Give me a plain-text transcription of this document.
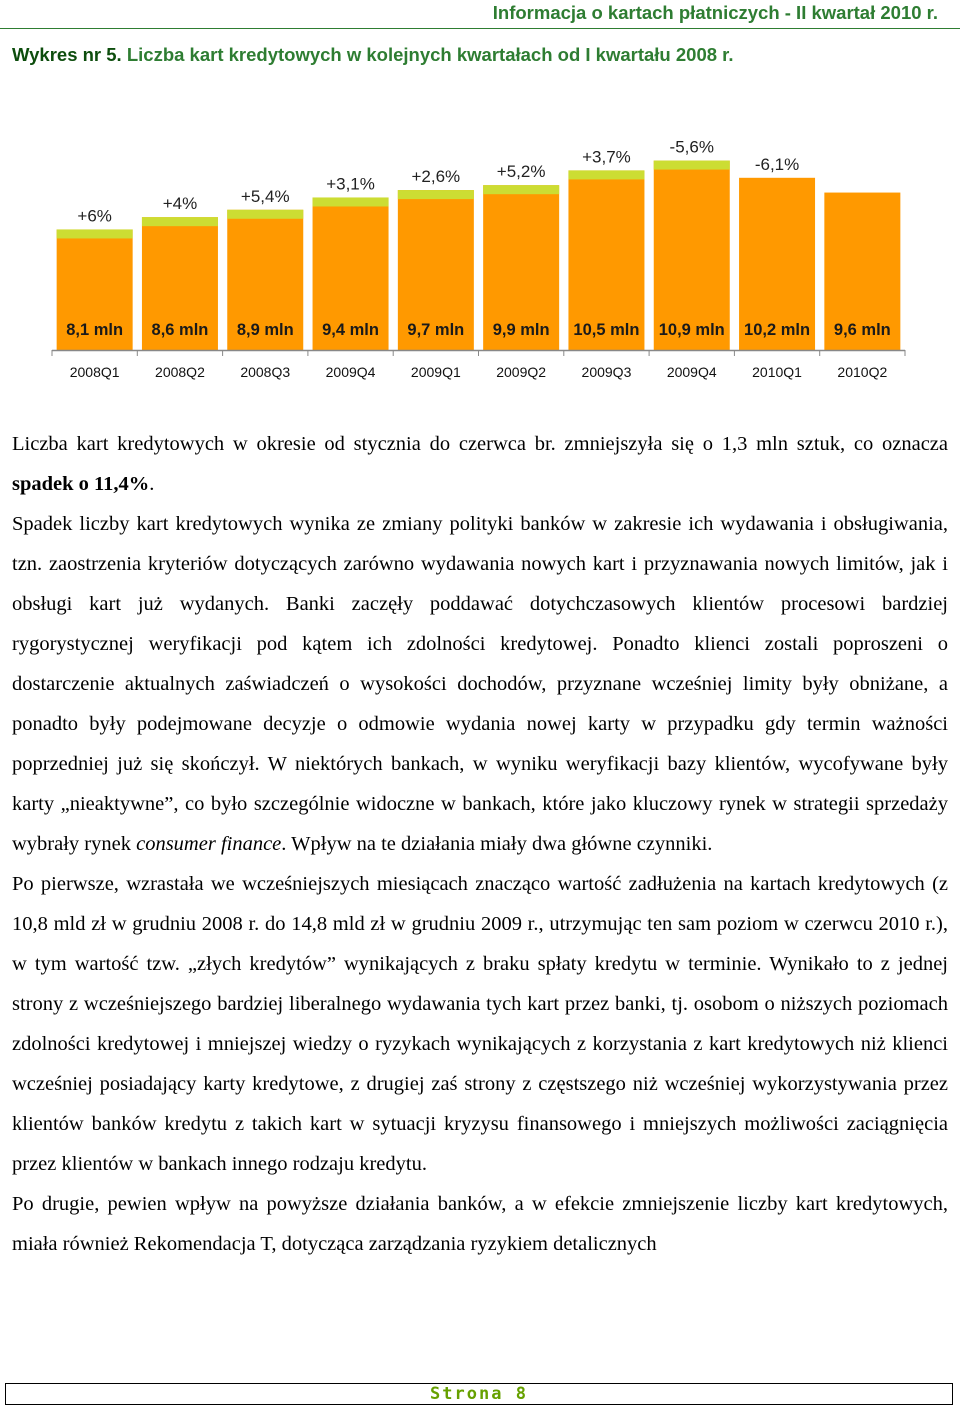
Informacja o kartach płatniczych - II kwartał 2010 r.
Wykres nr 5. Liczba kart kredytowych w kolejnych kwartałach od I kwartału 2008 r.
8,1 mln
2008Q1
8,6 mln
2008Q2
8,9 mln
2008Q3
9,4 mln
2009Q4
9,7 mln
2009Q1
9,9 mln
2009Q2
10,5 mln
2009Q3
10,9 mln
2009Q4
10,2 mln
2010Q1
9,6 mln
2010Q2
+6%
+4%	+5,4%
+3,1% +2,6% +5,2%
+3,7%
-5,6%
-6,1%

Liczba kart kredytowych w okresie od stycznia do czerwca br. zmniejszyła się o 1,3 mln sztuk, co oznacza spadek o 11,4%.

Spadek liczby kart kredytowych wynika ze zmiany polityki banków w zakresie ich wydawania i obsługiwania, tzn. zaostrzenia kryteriów dotyczących zarówno wydawania nowych kart i przyznawania nowych limitów, jak i obsługi kart już wydanych. Banki zaczęły poddawać dotychczasowych klientów procesowi bardziej rygorystycznej weryfikacji pod kątem ich zdolności kredytowej. Ponadto klienci zostali poproszeni o dostarczenie aktualnych zaświadczeń o wysokości dochodów, przyznane wcześniej limity były obniżane, a ponadto były podejmowane decyzje o odmowie wydania nowej karty w przypadku gdy termin ważności poprzedniej już się skończył. W niektórych bankach, w wyniku weryfikacji bazy klientów, wycofywane były karty „nieaktywne”, co było szczególnie widoczne w bankach, które jako kluczowy rynek w strategii sprzedaży wybrały rynek consumer finance. Wpływ na te działania miały dwa główne czynniki.

Po pierwsze, wzrastała we wcześniejszych miesiącach znacząco wartość zadłużenia na kartach kredytowych (z 10,8 mld zł w grudniu 2008 r. do 14,8 mld zł w grudniu 2009 r., utrzymując ten sam poziom w czerwcu 2010 r.), w tym wartość tzw. „złych kredytów” wynikających z braku spłaty kredytu w terminie. Wynikało to z jednej strony z wcześniejszego bardziej liberalnego wydawania tych kart przez banki, tj. osobom o niższych poziomach zdolności kredytowej i mniejszej wiedzy o ryzykach wynikających z korzystania z kart kredytowych niż klienci wcześniej posiadający karty kredytowe, z drugiej zaś strony z częstszego niż wcześniej wykorzystywania przez klientów banków kredytu z takich kart w sytuacji kryzysu finansowego i mniejszych możliwości zaciągnięcia przez klientów w bankach innego rodzaju kredytu.

Po drugie, pewien wpływ na powyższe działania banków, a w efekcie zmniejszenie liczby kart kredytowych, miała również Rekomendacja T, dotycząca zarządzania ryzykiem detalicznych

Strona 8
